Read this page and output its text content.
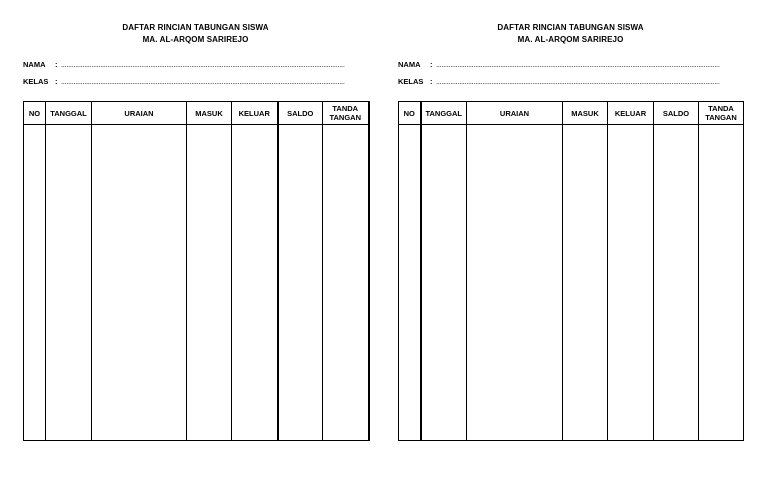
DAFTAR RINCIAN TABUNGAN SISWA
MA. AL-ARQOM SARIREJO
NAMA	: ...............................................................................................................................................................
KELAS : ...............................................................................................................................................................
NO	TANGGAL	URAIAN	MASUK	KELUAR	SALDO	TANDA
TANGAN

DAFTAR RINCIAN TABUNGAN SISWA
MA. AL-ARQOM SARIREJO
NAMA	: ...............................................................................................................................................................
KELAS : ...............................................................................................................................................................
NO	TANGGAL	URAIAN	MASUK	KELUAR	SALDO	TANDA
TANGAN
